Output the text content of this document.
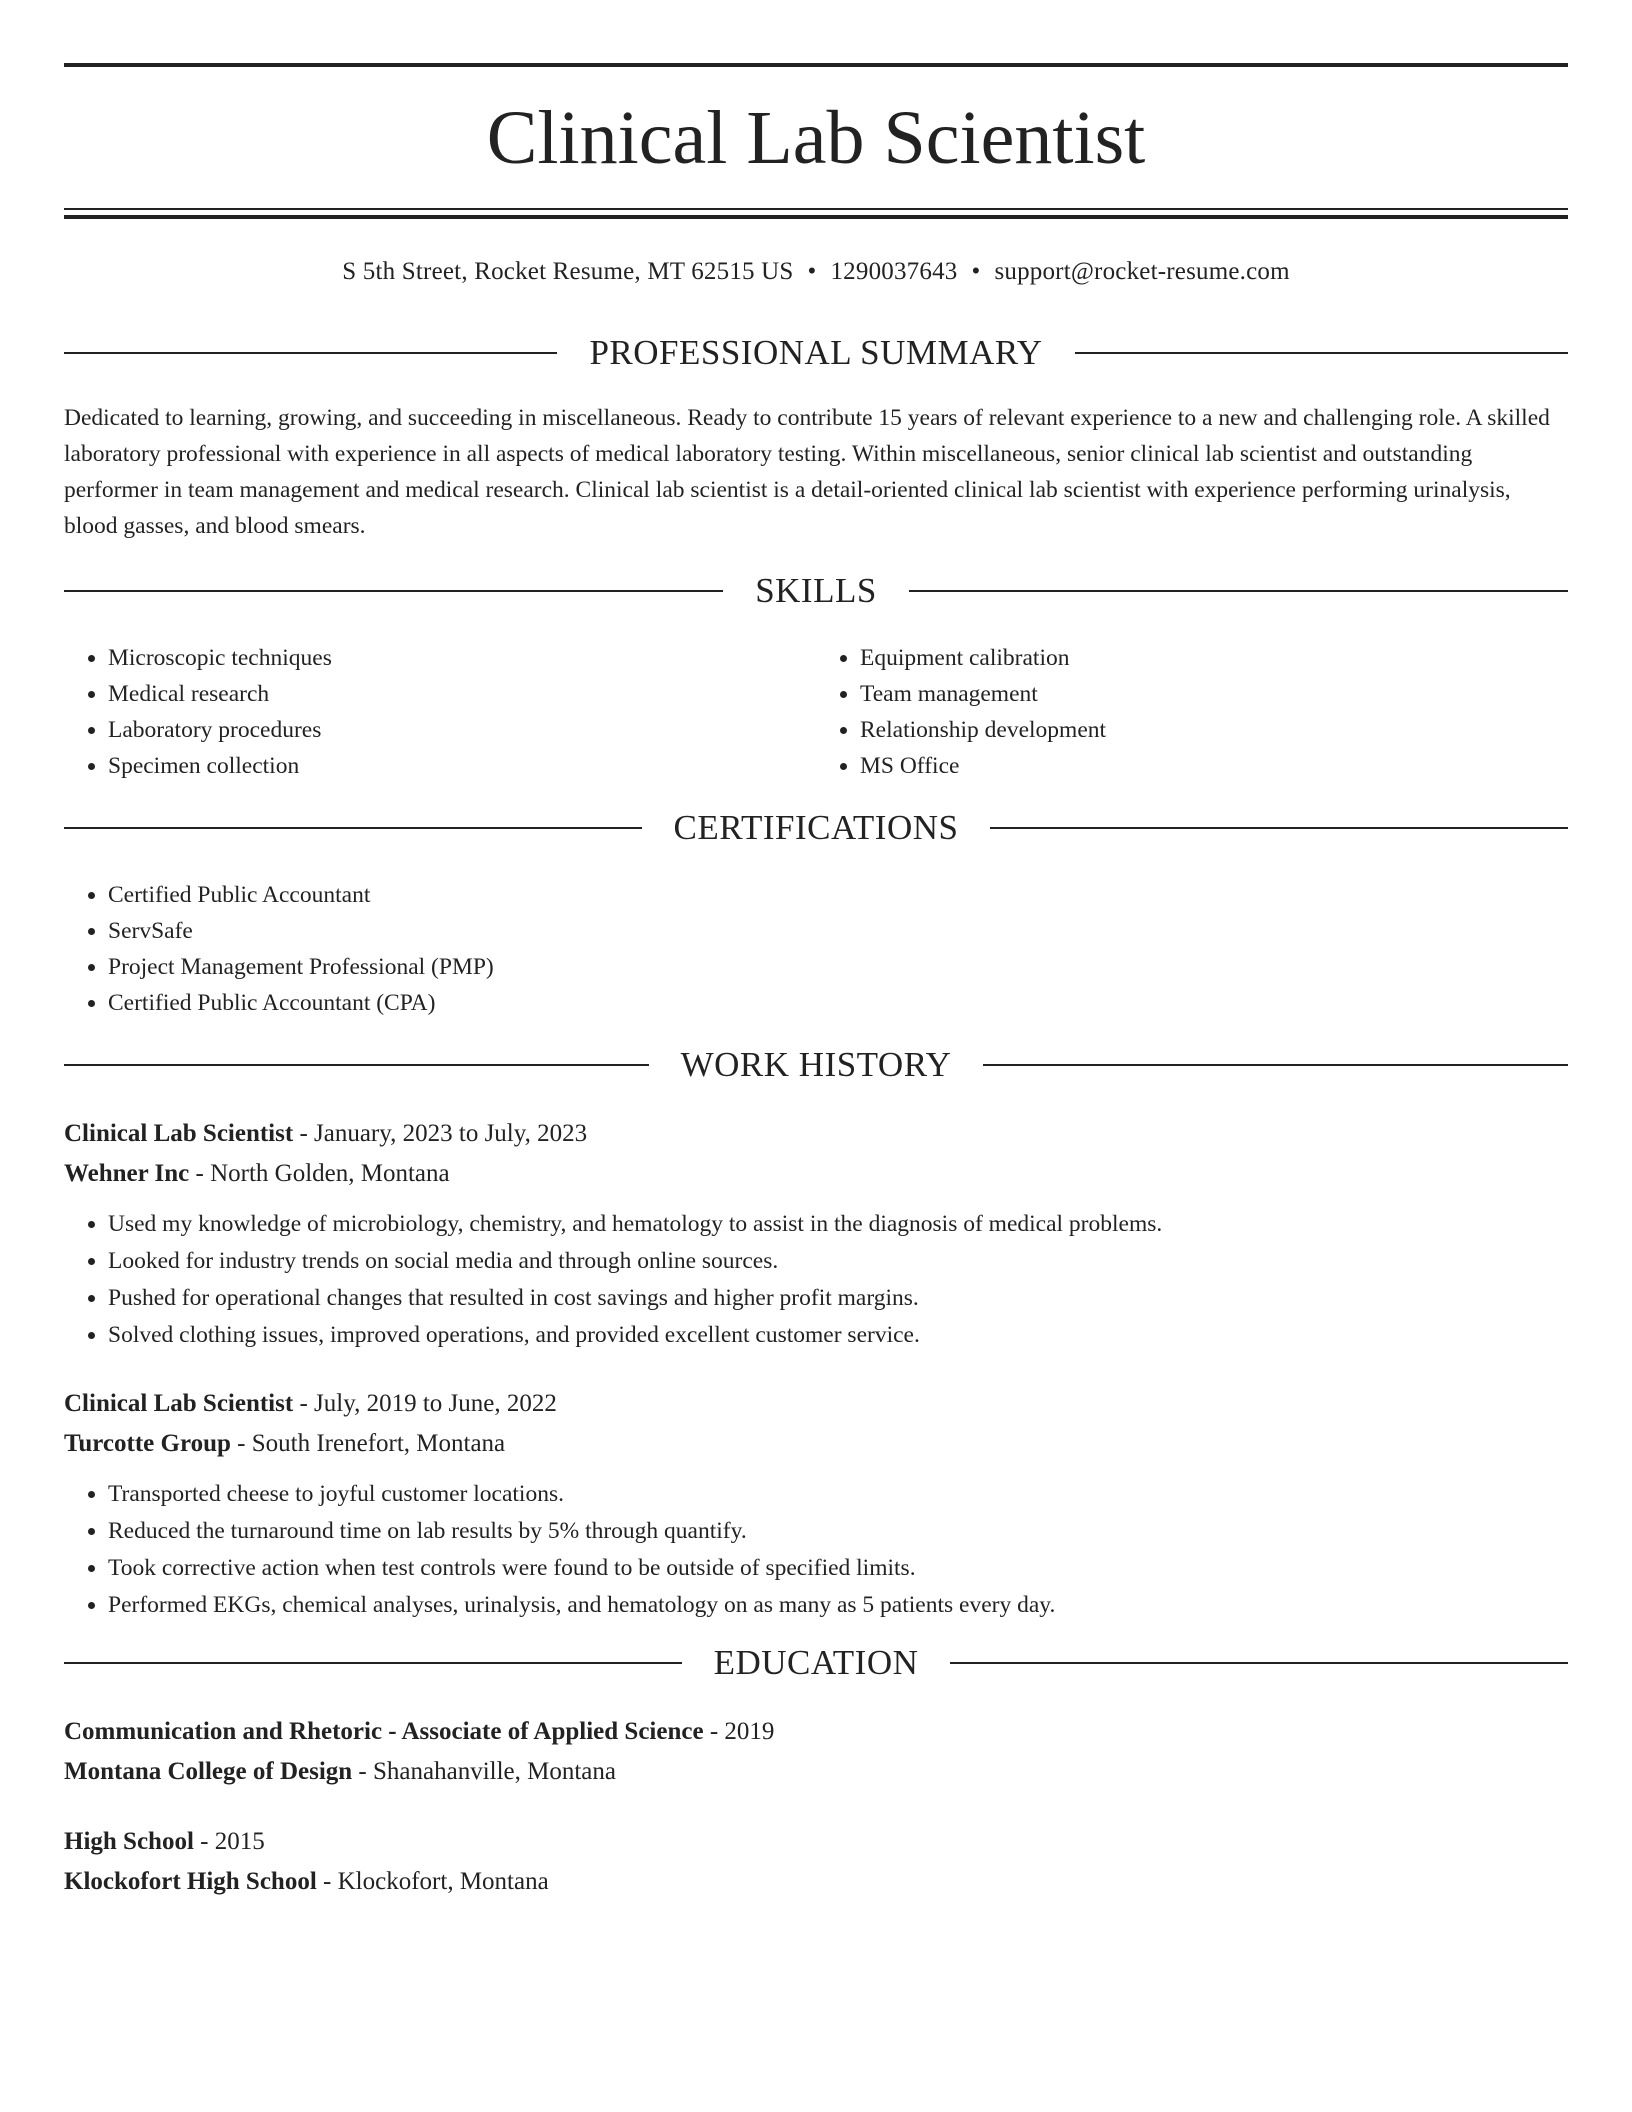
Clinical Lab Scientist
S 5th Street, Rocket Resume, MT 62515 US • 1290037643 • support@rocket-resume.com
PROFESSIONAL SUMMARY

Dedicated to learning, growing, and succeeding in miscellaneous. Ready to contribute 15 years of relevant experience to a new and challenging role. A skilled laboratory professional with experience in all aspects of medical laboratory testing. Within miscellaneous, senior clinical lab scientist and outstanding performer in team management and medical research. Clinical lab scientist is a detail-oriented clinical lab scientist with experience performing urinalysis, blood gasses, and blood smears.

SKILLS
• Microscopic techniques
• Medical research
• Laboratory procedures
• Specimen collection
• Equipment calibration
• Team management
• Relationship development
• MS Office
CERTIFICATIONS
• Certified Public Accountant
• ServSafe
• Project Management Professional (PMP)
• Certified Public Accountant (CPA)
WORK HISTORY
Clinical Lab Scientist - January, 2023 to July, 2023
Wehner Inc - North Golden, Montana
• Used my knowledge of microbiology, chemistry, and hematology to assist in the diagnosis of medical problems.
• Looked for industry trends on social media and through online sources.
• Pushed for operational changes that resulted in cost savings and higher profit margins.
• Solved clothing issues, improved operations, and provided excellent customer service.
Clinical Lab Scientist - July, 2019 to June, 2022
Turcotte Group - South Irenefort, Montana
• Transported cheese to joyful customer locations.
• Reduced the turnaround time on lab results by 5% through quantify.
• Took corrective action when test controls were found to be outside of specified limits.
• Performed EKGs, chemical analyses, urinalysis, and hematology on as many as 5 patients every day.
EDUCATION
Communication and Rhetoric - Associate of Applied Science - 2019
Montana College of Design - Shanahanville, Montana
High School - 2015
Klockofort High School - Klockofort, Montana
